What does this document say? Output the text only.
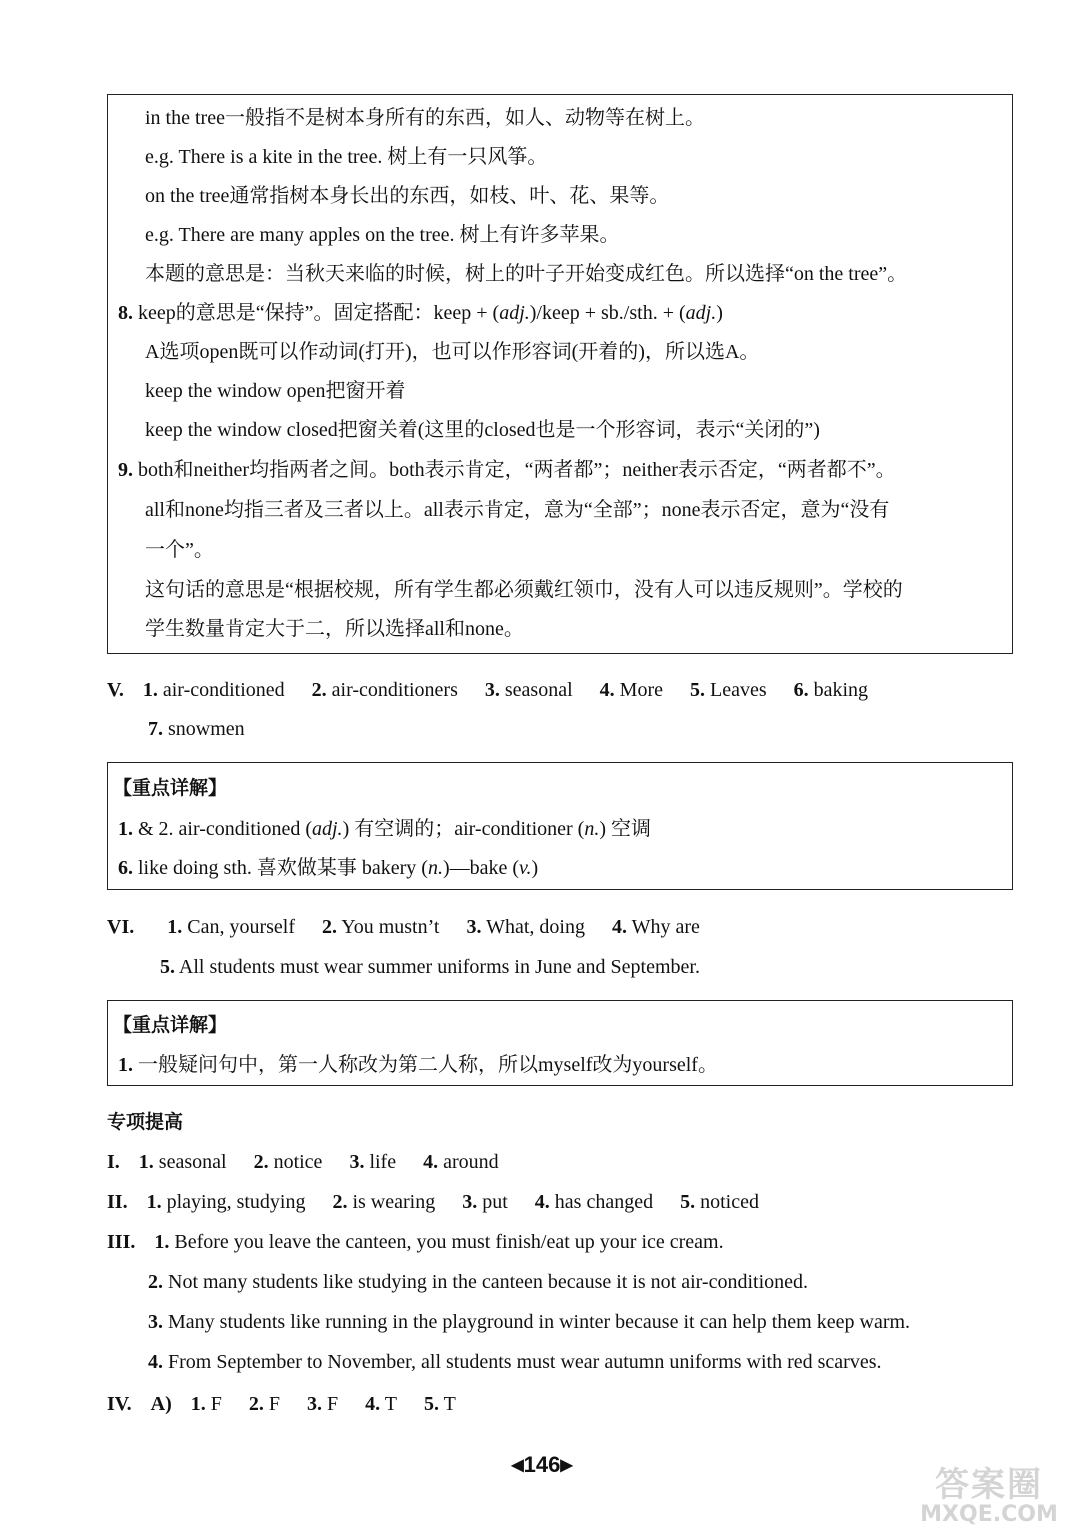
in the tree一般指不是树本身所有的东西，如人、动物等在树上。
e.g. There is a kite in the tree. 树上有一只风筝。
on the tree通常指树本身长出的东西，如枝、叶、花、果等。
e.g. There are many apples on the tree. 树上有许多苹果。
本题的意思是：当秋天来临的时候，树上的叶子开始变成红色。所以选择“on the tree”。
8. keep的意思是“保持”。固定搭配：keep + (adj.)/keep + sb./sth. + (adj.)
A选项open既可以作动词(打开)，也可以作形容词(开着的)，所以选A。
keep the window open把窗开着
keep the window closed把窗关着(这里的closed也是一个形容词，表示“关闭的”)
9. both和neither均指两者之间。both表示肯定，“两者都”；neither表示否定，“两者都不”。
all和none均指三者及三者以上。all表示肯定，意为“全部”；none表示否定，意为“没有
一个”。
这句话的意思是“根据校规，所有学生都必须戴红领巾，没有人可以违反规则”。学校的
学生数量肯定大于二，所以选择all和none。
V. 1. air-conditioned 2. air-conditioners 3. seasonal 4. More 5. Leaves 6. baking
7. snowmen
【重点详解】
1. & 2. air-conditioned (adj.) 有空调的；air-conditioner (n.) 空调
6. like doing sth. 喜欢做某事 bakery (n.)—bake (v.)
VI. 1. Can, yourself 2. You mustn’t 3. What, doing 4. Why are
5. All students must wear summer uniforms in June and September.
【重点详解】
1. 一般疑问句中，第一人称改为第二人称，所以myself改为yourself。
专项提高
I. 1. seasonal 2. notice 3. life 4. around
II. 1. playing, studying 2. is wearing 3. put 4. has changed 5. noticed
III. 1. Before you leave the canteen, you must finish/eat up your ice cream.
2. Not many students like studying in the canteen because it is not air-conditioned.
3. Many students like running in the playground in winter because it can help them keep warm.
4. From September to November, all students must wear autumn uniforms with red scarves.
IV. A) 1. F 2. F 3. F 4. T 5. T
◀146▶	答案圈
MXQE.COM
